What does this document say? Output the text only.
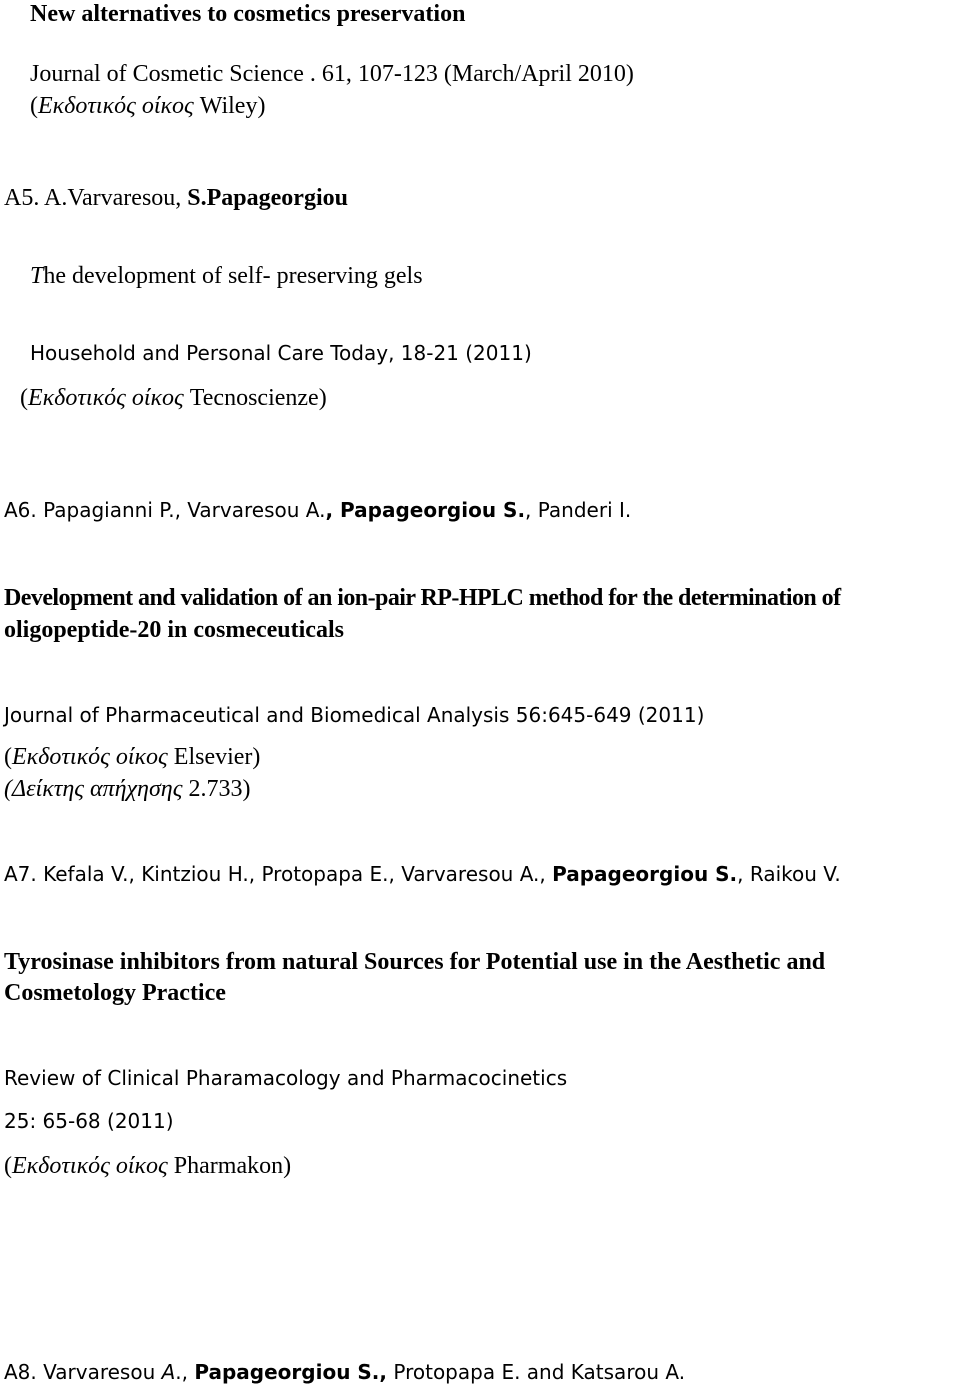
New alternatives to cosmetics preservation
Journal of Cosmetic Science . 61, 107-123 (March/April 2010)
(Εκδοτικός οίκος Wiley)
A5. A.Varvaresou, S.Papageorgiou
The development of self- preserving gels
Household and Personal Care Today, 18-21 (2011)
(Εκδοτικός οίκος Tecnoscienze)
A6. Papagianni P., Varvaresou A., Papageorgiou S., Panderi I.
Development and validation of an ion-pair RP-HPLC method for the determination of
oligopeptide-20 in cosmeceuticals
Journal of Pharmaceutical and Biomedical Analysis 56:645-649 (2011)
(Εκδοτικός οίκος Elsevier)
(Δείκτης απήχησης 2.733)
A7. Kefala V., Kintziou H., Protopapa E., Varvaresou A., Papageorgiou S., Raikou V.
Tyrosinase inhibitors from natural Sources for Potential use in the Aesthetic and
Cosmetology Practice
Review of Clinical Pharamacology and Pharmacocinetics
25: 65-68 (2011)
(Εκδοτικός οίκος Pharmakon)
A8. Varvaresou A., Papageorgiou S., Protopapa E. and Katsarou A.
